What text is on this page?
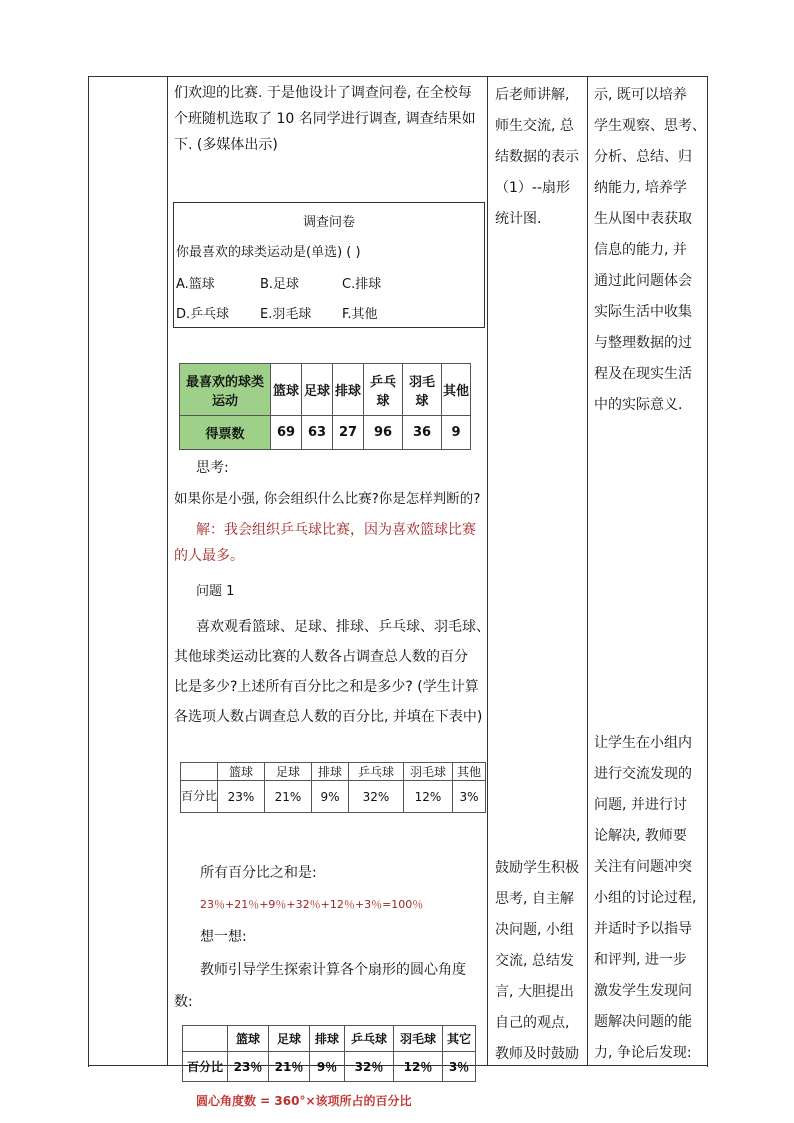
们欢迎的比赛. 于是他设计了调查问卷, 在全校每
个班随机选取了 10 名同学进行调查, 调查结果如
下. (多媒体出示)
调查问卷
你最喜欢的球类运动是(单选) ( )
A.篮球	B.足球	C.排球
D.乒乓球 E.羽毛球 F.其他
最喜欢的球类运动	篮球	足球	排球	乒乓球	羽毛球	其他
得票数	69	63	27	96	36	9
思考:
如果你是小强, 你会组织什么比赛?你是怎样判断的?
解：我会组织乒乓球比赛，因为喜欢篮球比赛
的人最多。
问题 1
喜欢观看篮球、足球、排球、乒乓球、羽毛球、
其他球类运动比赛的人数各占调查总人数的百分
比是多少?上述所有百分比之和是多少? (学生计算
各选项人数占调查总人数的百分比, 并填在下表中)
	篮球	足球	排球	乒乓球	羽毛球	其他
百分比	23%	21%	9%	32%	12%	3%
所有百分比之和是:
23％+21％+9％+32％+12％+3％=100％
想一想:
教师引导学生探索计算各个扇形的圆心角度
数:
	篮球	足球	排球	乒乓球	羽毛球	其它
百分比	23％	21％	9％	32％	12％	3％
圆心角度数 = 360°×该项所占的百分比
后老师讲解,
师生交流, 总
结数据的表示
（1）--扇形
统计图.
鼓励学生积极
思考, 自主解
决问题, 小组
交流, 总结发
言, 大胆提出
自己的观点,
教师及时鼓励
示, 既可以培养
学生观察、思考、
分析、总结、归
纳能力, 培养学
生从图中表获取
信息的能力, 并
通过此问题体会
实际生活中收集
与整理数据的过
程及在现实生活
中的实际意义.
让学生在小组内
进行交流发现的
问题, 并进行讨
论解决, 教师要
关注有问题冲突
小组的讨论过程,
并适时予以指导
和评判, 进一步
激发学生发现问
题解决问题的能
力, 争论后发现:
